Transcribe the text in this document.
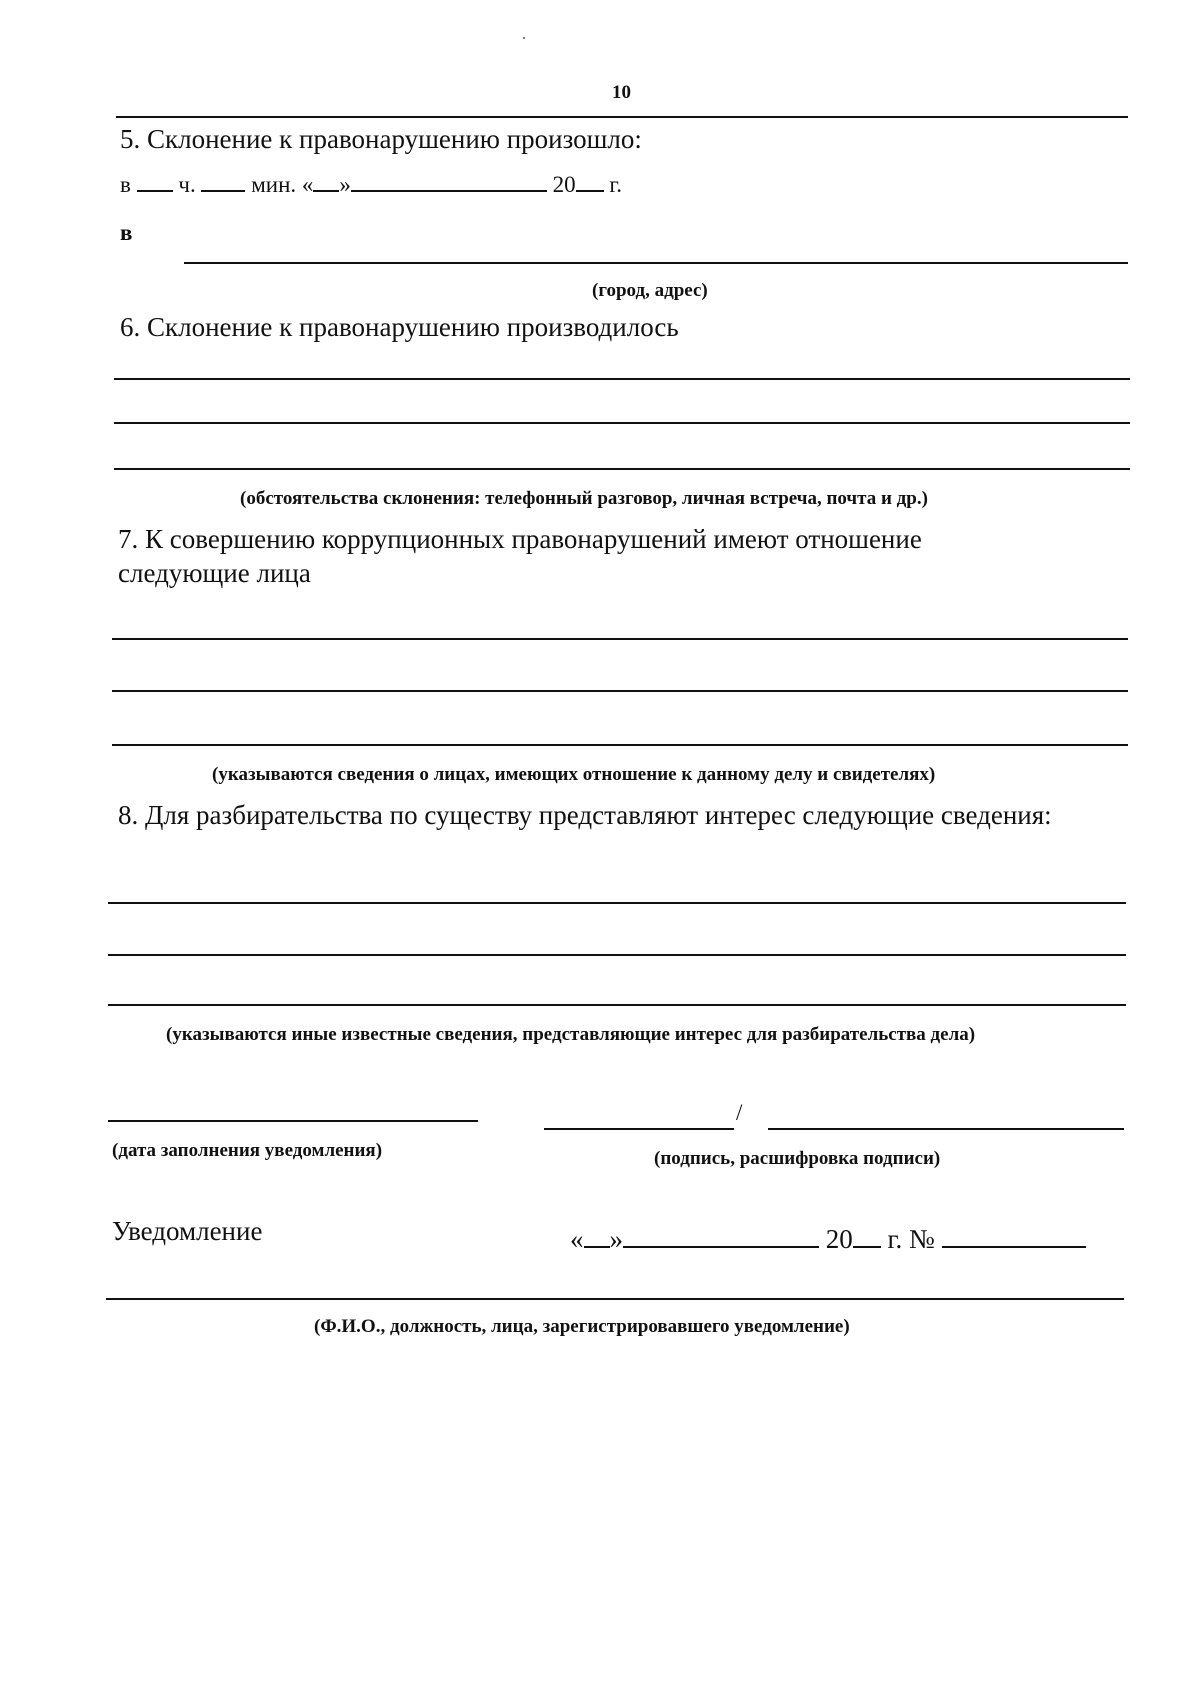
10
5. Склонение к правонарушению произошло:
в ч. мин. « »	20 г.
в
(город, адрес)
6. Склонение к правонарушению производилось
(обстоятельства склонения: телефонный разговор, личная встреча, почта и др.)
7. К совершению коррупционных правонарушений имеют отношение
следующие лица
(указываются сведения о лицах, имеющих отношение к данному делу и свидетелях)
8. Для разбирательства по существу представляют интерес следующие сведения:
(указываются иные известные сведения, представляющие интерес для разбирательства дела)
/
(дата заполнения уведомления)	(подпись, расшифровка подписи)
Уведомление	« »	20 г. №
(Ф.И.О., должность, лица, зарегистрировавшего уведомление)
